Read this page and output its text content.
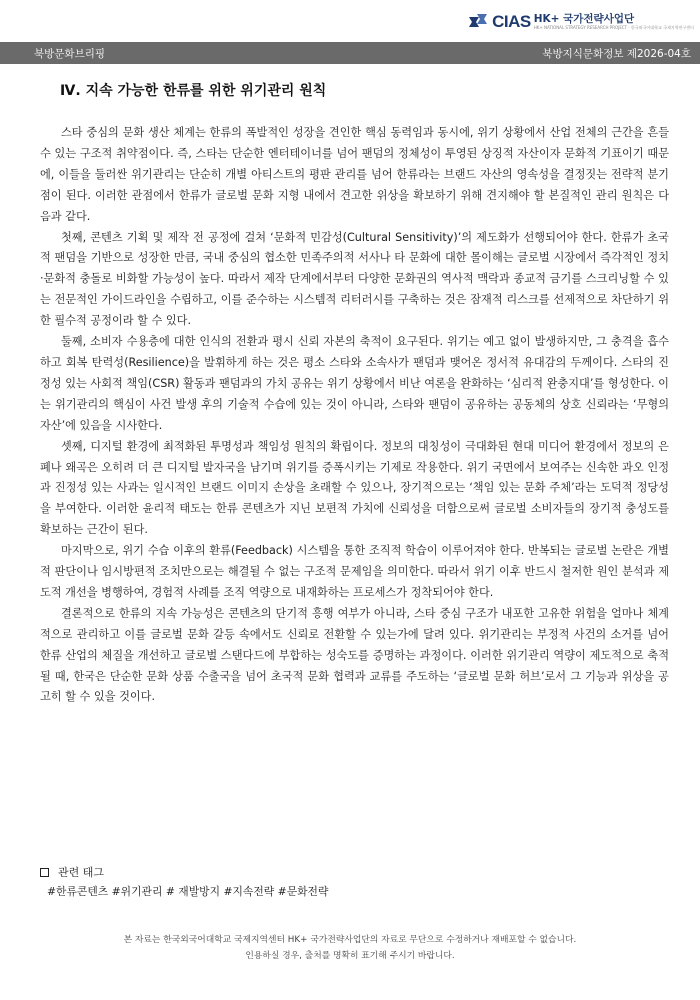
CIAS HK+ 국가전략사업단
HK+ NATIONAL STRATEGY RESEARCH PROJECT · 한국외국어대학교 국제지역연구센터
북방문화브리핑	북방지식문화정보 제2026-04호
Ⅳ. 지속 가능한 한류를 위한 위기관리 원칙

스타 중심의 문화 생산 체계는 한류의 폭발적인 성장을 견인한 핵심 동력임과 동시에, 위기 상황에서 산업 전체의 근간을 흔들 수 있는 구조적 취약점이다. 즉, 스타는 단순한 엔터테이너를 넘어 팬덤의 정체성이 투영된 상징적 자산이자 문화적 기표이기 때문에, 이들을 둘러싼 위기관리는 단순히 개별 아티스트의 평판 관리를 넘어 한류라는 브랜드 자산의 영속성을 결정짓는 전략적 분기점이 된다. 이러한 관점에서 한류가 글로벌 문화 지형 내에서 견고한 위상을 확보하기 위해 견지해야 할 본질적인 관리 원칙은 다음과 같다.

첫째, 콘텐츠 기획 및 제작 전 공정에 걸쳐 ‘문화적 민감성(Cultural Sensitivity)’의 제도화가 선행되어야 한다. 한류가 초국적 팬덤을 기반으로 성장한 만큼, 국내 중심의 협소한 민족주의적 서사나 타 문화에 대한 몰이해는 글로벌 시장에서 즉각적인 정치·문화적 충돌로 비화할 가능성이 높다. 따라서 제작 단계에서부터 다양한 문화권의 역사적 맥락과 종교적 금기를 스크리닝할 수 있는 전문적인 가이드라인을 수립하고, 이를 준수하는 시스템적 리터러시를 구축하는 것은 잠재적 리스크를 선제적으로 차단하기 위한 필수적 공정이라 할 수 있다.

둘째, 소비자 수용층에 대한 인식의 전환과 평시 신뢰 자본의 축적이 요구된다. 위기는 예고 없이 발생하지만, 그 충격을 흡수하고 회복 탄력성(Resilience)을 발휘하게 하는 것은 평소 스타와 소속사가 팬덤과 맺어온 정서적 유대감의 두께이다. 스타의 진정성 있는 사회적 책임(CSR) 활동과 팬덤과의 가치 공유는 위기 상황에서 비난 여론을 완화하는 ‘심리적 완충지대’를 형성한다. 이는 위기관리의 핵심이 사건 발생 후의 기술적 수습에 있는 것이 아니라, 스타와 팬덤이 공유하는 공동체의 상호 신뢰라는 ‘무형의 자산’에 있음을 시사한다.

셋째, 디지털 환경에 최적화된 투명성과 책임성 원칙의 확립이다. 정보의 대칭성이 극대화된 현대 미디어 환경에서 정보의 은폐나 왜곡은 오히려 더 큰 디지털 발자국을 남기며 위기를 증폭시키는 기제로 작용한다. 위기 국면에서 보여주는 신속한 과오 인정과 진정성 있는 사과는 일시적인 브랜드 이미지 손상을 초래할 수 있으나, 장기적으로는 ‘책임 있는 문화 주체’라는 도덕적 정당성을 부여한다. 이러한 윤리적 태도는 한류 콘텐츠가 지닌 보편적 가치에 신뢰성을 더함으로써 글로벌 소비자들의 장기적 충성도를 확보하는 근간이 된다.

마지막으로, 위기 수습 이후의 환류(Feedback) 시스템을 통한 조직적 학습이 이루어져야 한다. 반복되는 글로벌 논란은 개별적 판단이나 임시방편적 조치만으로는 해결될 수 없는 구조적 문제임을 의미한다. 따라서 위기 이후 반드시 철저한 원인 분석과 제도적 개선을 병행하여, 경험적 사례를 조직 역량으로 내재화하는 프로세스가 정착되어야 한다.

결론적으로 한류의 지속 가능성은 콘텐츠의 단기적 흥행 여부가 아니라, 스타 중심 구조가 내포한 고유한 위험을 얼마나 체계적으로 관리하고 이를 글로벌 문화 갈등 속에서도 신뢰로 전환할 수 있는가에 달려 있다. 위기관리는 부정적 사건의 소거를 넘어 한류 산업의 체질을 개선하고 글로벌 스탠다드에 부합하는 성숙도를 증명하는 과정이다. 이러한 위기관리 역량이 제도적으로 축적될 때, 한국은 단순한 문화 상품 수출국을 넘어 초국적 문화 협력과 교류를 주도하는 ‘글로벌 문화 허브’로서 그 기능과 위상을 공고히 할 수 있을 것이다.

관련 태그
#한류콘텐츠 #위기관리 # 재발방지 #지속전략 #문화전략
본 자료는 한국외국어대학교 국제지역센터 HK+ 국가전략사업단의 자료로 무단으로 수정하거나 재배포할 수 없습니다.
인용하실 경우, 출처를 명확히 표기해 주시기 바랍니다.
